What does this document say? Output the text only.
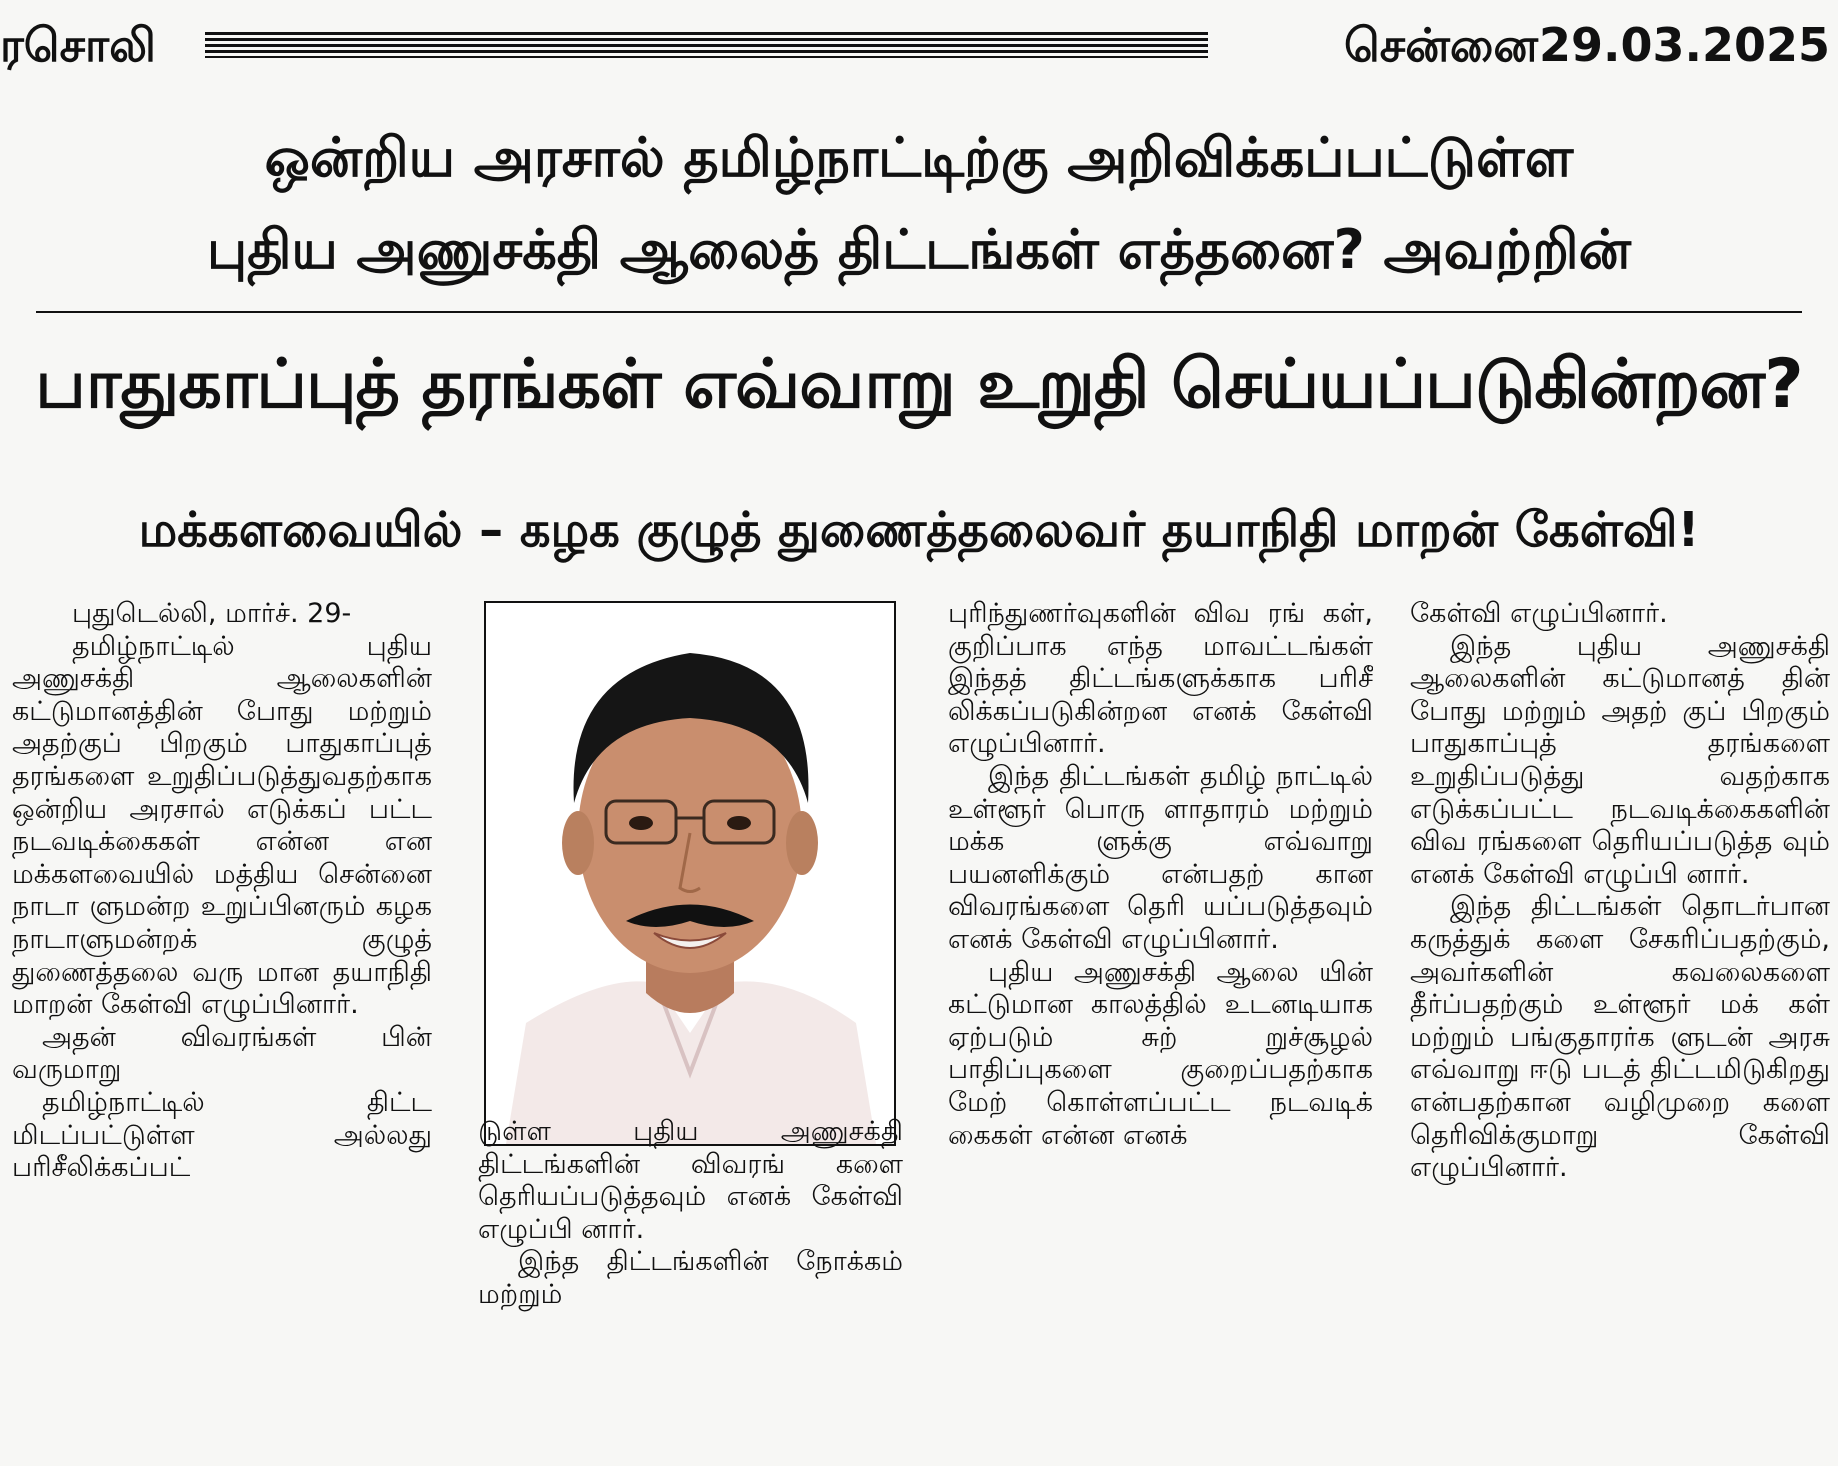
ரசொலி	சென்னை 29.03.2025
ஒன்றிய அரசால் தமிழ்நாட்டிற்கு அறிவிக்கப்பட்டுள்ள
புதிய அணுசக்தி ஆலைத் திட்டங்கள் எத்தனை? அவற்றின்
பாதுகாப்புத் தரங்கள் எவ்வாறு உறுதி செய்யப்படுகின்றன?
மக்களவையில் – கழக குழுத் துணைத்தலைவர் தயாநிதி மாறன் கேள்வி!

புதுடெல்லி, மார்ச். 29-

தமிழ்நாட்டில் புதிய அணுசக்தி ஆலைகளின் கட்டுமானத்தின் போது மற்றும் அதற்குப் பிறகும் பாதுகாப்புத் தரங்களை உறுதிப்படுத்துவதற்காக ஒன்றிய அரசால் எடுக்கப் பட்ட நடவடிக்கைகள் என்ன என மக்களவையில் மத்திய சென்னை நாடா ளுமன்ற உறுப்பினரும் கழக நாடாளுமன்றக் குழுத் துணைத்தலை வரு மான தயாநிதி மாறன் கேள்வி எழுப்பினார்.

அதன் விவரங்கள் பின் வருமாறு

தமிழ்நாட்டில் திட்ட மிடப்பட்டுள்ள அல்லது பரிசீலிக்கப்பட்

டுள்ள புதிய அணுசக்தி திட்டங்களின் விவரங் களை தெரியப்படுத்தவும் எனக் கேள்வி எழுப்பி னார்.

இந்த திட்டங்களின் நோக்கம் மற்றும்

புரிந்துணர்வுகளின் விவ ரங் கள், குறிப்பாக எந்த மாவட்டங்கள் இந்தத் திட்டங்களுக்காக பரிசீ லிக்கப்படுகின்றன எனக் கேள்வி எழுப்பினார்.

இந்த திட்டங்கள் தமிழ் நாட்டில் உள்ளூர் பொரு ளாதாரம் மற்றும் மக்க ளுக்கு எவ்வாறு பயனளிக்கும் என்பதற் கான விவரங்களை தெரி யப்படுத்தவும் எனக் கேள்வி எழுப்பினார்.

புதிய அணுசக்தி ஆலை யின் கட்டுமான காலத்தில் உடனடியாக ஏற்படும் சுற் றுச்சூழல் பாதிப்புகளை குறைப்பதற்காக மேற் கொள்ளப்பட்ட நடவடிக் கைகள் என்ன எனக்

கேள்வி எழுப்பினார்.

இந்த புதிய அணுசக்தி ஆலைகளின் கட்டுமானத் தின் போது மற்றும் அதற் குப் பிறகும் பாதுகாப்புத் தரங்களை உறுதிப்படுத்து வதற்காக எடுக்கப்பட்ட நடவடிக்கைகளின் விவ ரங்களை தெரியப்படுத்த வும் எனக் கேள்வி எழுப்பி னார்.

இந்த திட்டங்கள் தொடர்பான கருத்துக் களை சேகரிப்பதற்கும், அவர்களின் கவலைகளை தீர்ப்பதற்கும் உள்ளூர் மக் கள் மற்றும் பங்குதாரர்க ளுடன் அரசு எவ்வாறு ஈடு படத் திட்டமிடுகிறது என்பதற்கான வழிமுறை களை தெரிவிக்குமாறு கேள்வி எழுப்பினார்.
